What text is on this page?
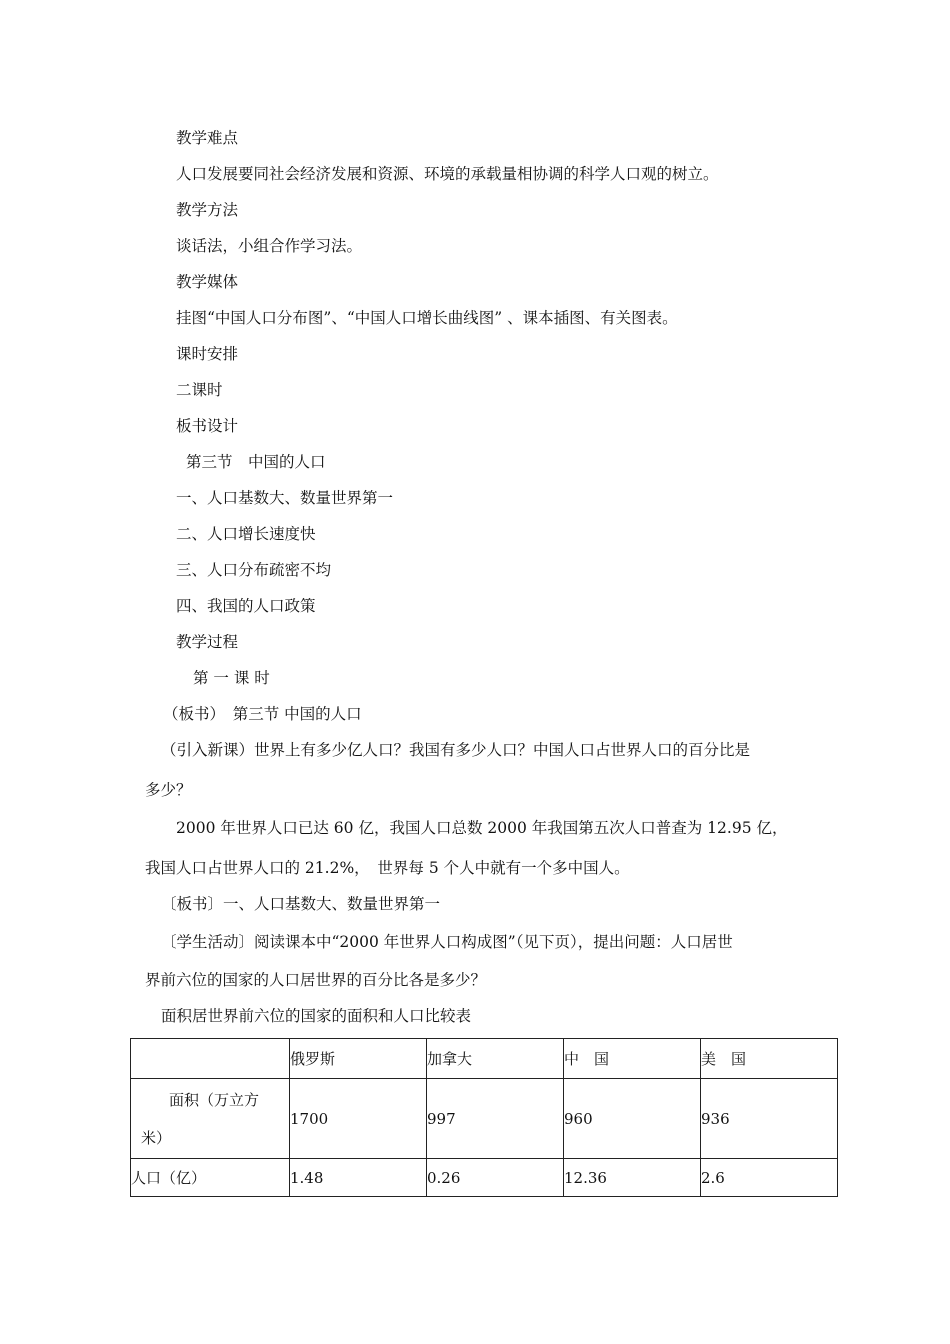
教学难点
人口发展要同社会经济发展和资源、环境的承载量相协调的科学人口观的树立。
教学方法
谈话法，小组合作学习法。
教学媒体
挂图“中国人口分布图”、“中国人口增长曲线图” 、课本插图、有关图表。
课时安排
二课时
板书设计
第三节　中国的人口
一、人口基数大、数量世界第一
二、人口增长速度快
三、人口分布疏密不均
四、我国的人口政策
教学过程
第 一 课 时
（板书）　第三节 中国的人口
（引入新课）世界上有多少亿人口？我国有多少人口？中国人口占世界人口的百分比是
多少？
2000 年世界人口已达 60 亿，我国人口总数 2000 年我国第五次人口普查为 12.95 亿，
我国人口占世界人口的 21.2%，　世界每 5 个人中就有一个多中国人。
〔板书〕一、人口基数大、数量世界第一
〔学生活动〕阅读课本中“2000 年世界人口构成图”（见下页），提出问题：人口居世
界前六位的国家的人口居世界的百分比各是多少？
面积居世界前六位的国家的面积和人口比较表
	俄罗斯	加拿大	中　国	美　国
面积（万立方米）	1700	997	960	936
人口（亿）	1.48	0.26	12.36	2.6
